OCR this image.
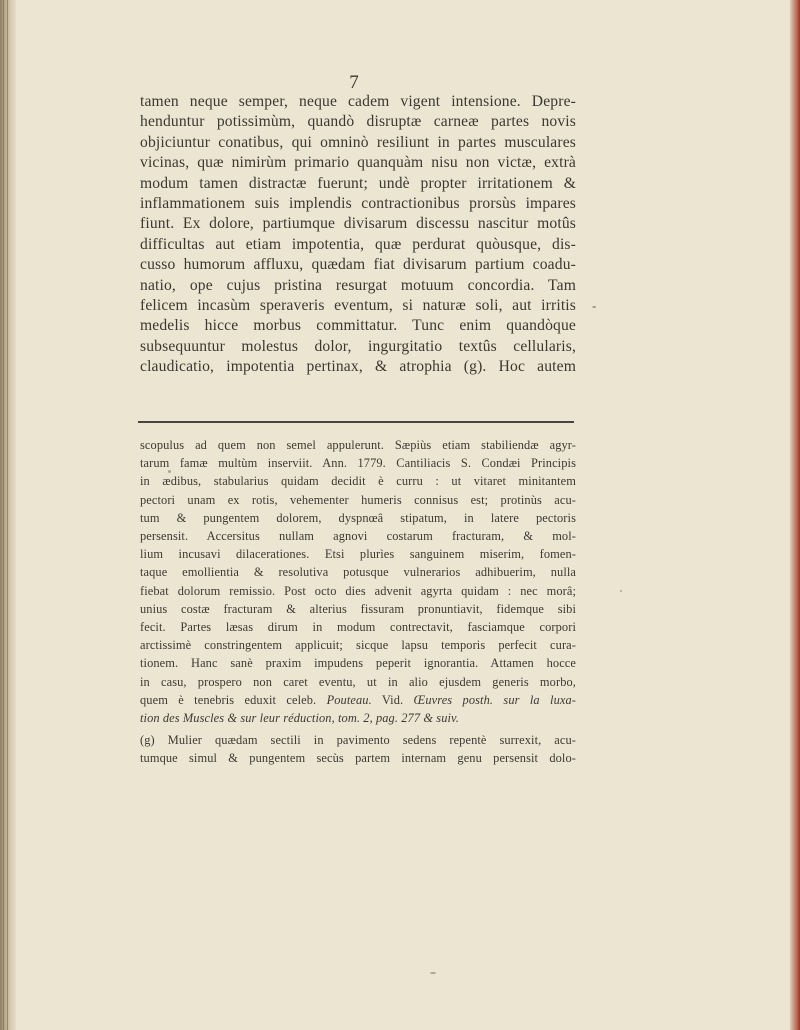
7
tamen neque semper, neque cadem vigent intensione. Depre-
henduntur potissimùm, quandò disruptæ carneæ partes novis
objiciuntur conatibus, qui omninò resiliunt in partes musculares
vicinas, quæ nimirùm primario quanquàm nisu non victæ, extrà
modum tamen distractæ fuerunt; undè propter irritationem &
inflammationem suis implendis contractionibus prorsùs impares
fiunt. Ex dolore, partiumque divisarum discessu nascitur motûs
difficultas aut etiam impotentia, quæ perdurat quòusque, dis-
cusso humorum affluxu, quædam fiat divisarum partium coadu-
natio, ope cujus pristina resurgat motuum concordia. Tam
felicem incasùm speraveris eventum, si naturæ soli, aut irritis
medelis hicce morbus committatur. Tunc enim quandòque
subsequuntur molestus dolor, ingurgitatio textûs cellularis,
claudicatio, impotentia pertinax, & atrophia (g). Hoc autem
-
scopulus ad quem non semel appulerunt. Sæpiùs etiam stabiliendæ agyr-
tarum famæ multùm inserviit. Ann. 1779. Cantiliacis S. Condæi Principis
in ædibus, stabularius quidam decidit è curru : ut vitaret minitantem
pectori unam ex rotis, vehementer humeris connisus est; protinùs acu-
tum & pungentem dolorem, dyspnœâ stipatum, in latere pectoris
persensit. Accersitus nullam agnovi costarum fracturam, & mol-
lium incusavi dilacerationes. Etsi plurìes sanguinem miserim, fomen-
taque emollientia & resolutiva potusque vulnerarios adhibuerim, nulla
fiebat dolorum remissio. Post octo dies advenit agyrta quidam : nec morâ;
unius costæ fracturam & alterius fissuram pronuntiavit, fidemque sibi
fecit. Partes læsas dirum in modum contrectavit, fasciamque corpori
arctissimè constringentem applicuit; sicque lapsu temporis perfecit cura-
tionem. Hanc sanè praxim impudens peperit ignorantia. Attamen hocce
in casu, prospero non caret eventu, ut in alio ejusdem generis morbo,
quem è tenebris eduxit celeb. Pouteau. Vid. Œuvres posth. sur la luxa-
tion des Muscles & sur leur réduction, tom. 2, pag. 277 & suiv.
(g) Mulier quædam sectili in pavimento sedens repentè surrexit, acu-
tumque simul & pungentem secùs partem internam genu persensit dolo-
